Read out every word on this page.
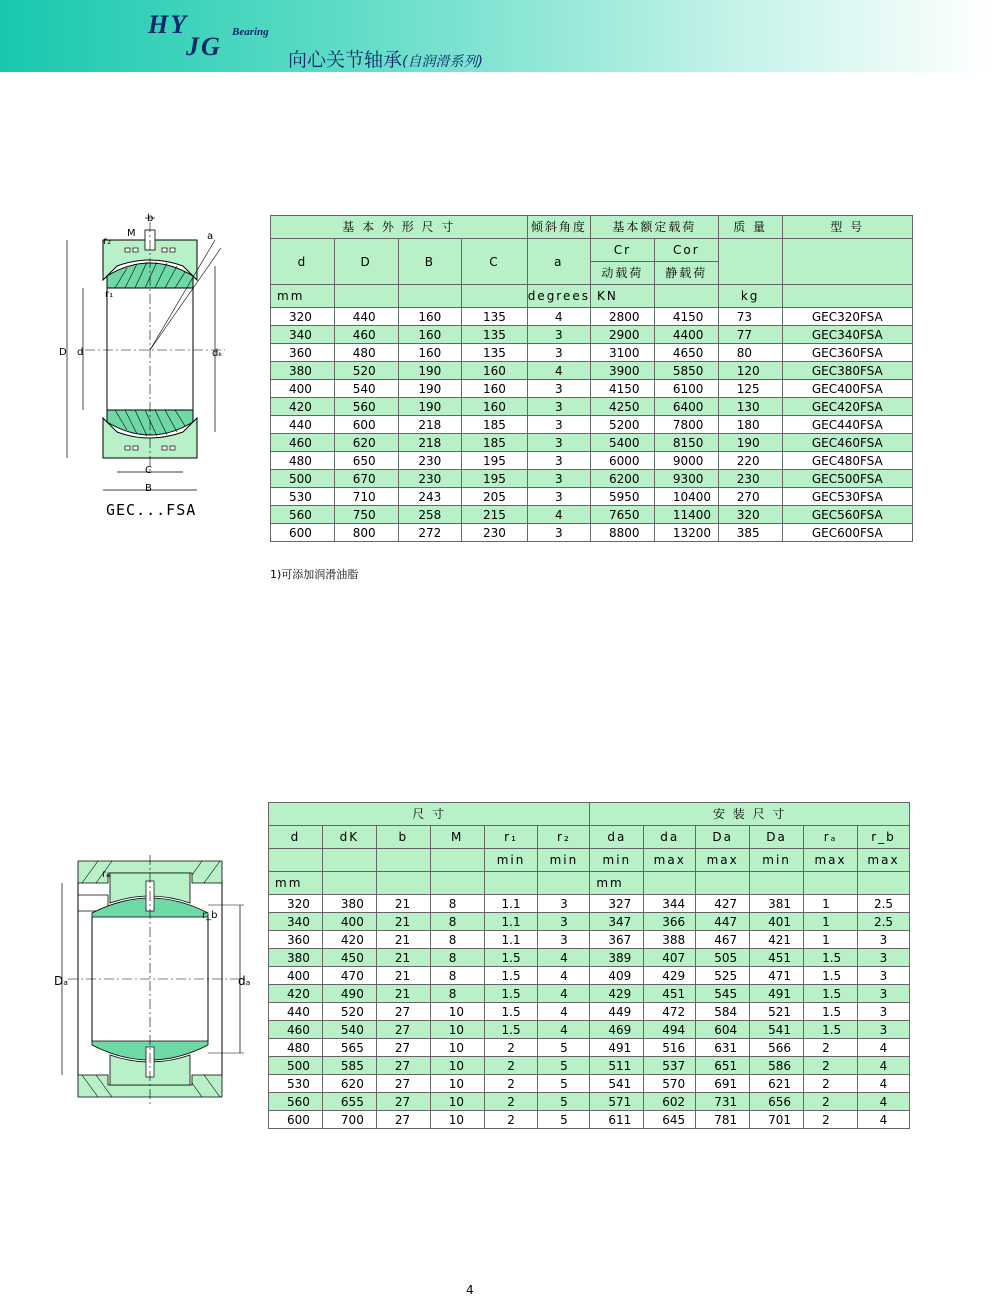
HY
JG Bearing
向心关节轴承(自润滑系列)
b
M
r₂	a
r₁
D d	dₖ
C
B
GEC...FSA
基 本 外 形 尺 寸				倾斜角度	基本额定载荷		质 量	型 号
d	D	B	C	a	Cr	Cor		
					动载荷	静载荷		
mm				degrees	KN		kg	
320	440	160	135	4	2800	4150	73	GEC320FSA
340	460	160	135	3	2900	4400	77	GEC340FSA
360	480	160	135	3	3100	4650	80	GEC360FSA
380	520	190	160	4	3900	5850	120	GEC380FSA
400	540	190	160	3	4150	6100	125	GEC400FSA
420	560	190	160	3	4250	6400	130	GEC420FSA
440	600	218	185	3	5200	7800	180	GEC440FSA
460	620	218	185	3	5400	8150	190	GEC460FSA
480	650	230	195	3	6000	9000	220	GEC480FSA
500	670	230	195	3	6200	9300	230	GEC500FSA
530	710	243	205	3	5950	10400	270	GEC530FSA
560	750	258	215	4	7650	11400	320	GEC560FSA
600	800	272	230	3	8800	13200	385	GEC600FSA
1)可添加润滑油脂
rₐ
r_b
Dₐ	dₐ
尺 寸						安 装 尺 寸					
d	dK	b	M	r₁	r₂	da	da	Da	Da	rₐ	r_b
				min	min	min	max	max	min	max	max
mm						mm					
320	380	21	8	1.1	3	327	344	427	381	1	2.5
340	400	21	8	1.1	3	347	366	447	401	1	2.5
360	420	21	8	1.1	3	367	388	467	421	1	3
380	450	21	8	1.5	4	389	407	505	451	1.5	3
400	470	21	8	1.5	4	409	429	525	471	1.5	3
420	490	21	8	1.5	4	429	451	545	491	1.5	3
440	520	27	10	1.5	4	449	472	584	521	1.5	3
460	540	27	10	1.5	4	469	494	604	541	1.5	3
480	565	27	10	2	5	491	516	631	566	2	4
500	585	27	10	2	5	511	537	651	586	2	4
530	620	27	10	2	5	541	570	691	621	2	4
560	655	27	10	2	5	571	602	731	656	2	4
600	700	27	10	2	5	611	645	781	701	2	4
4
